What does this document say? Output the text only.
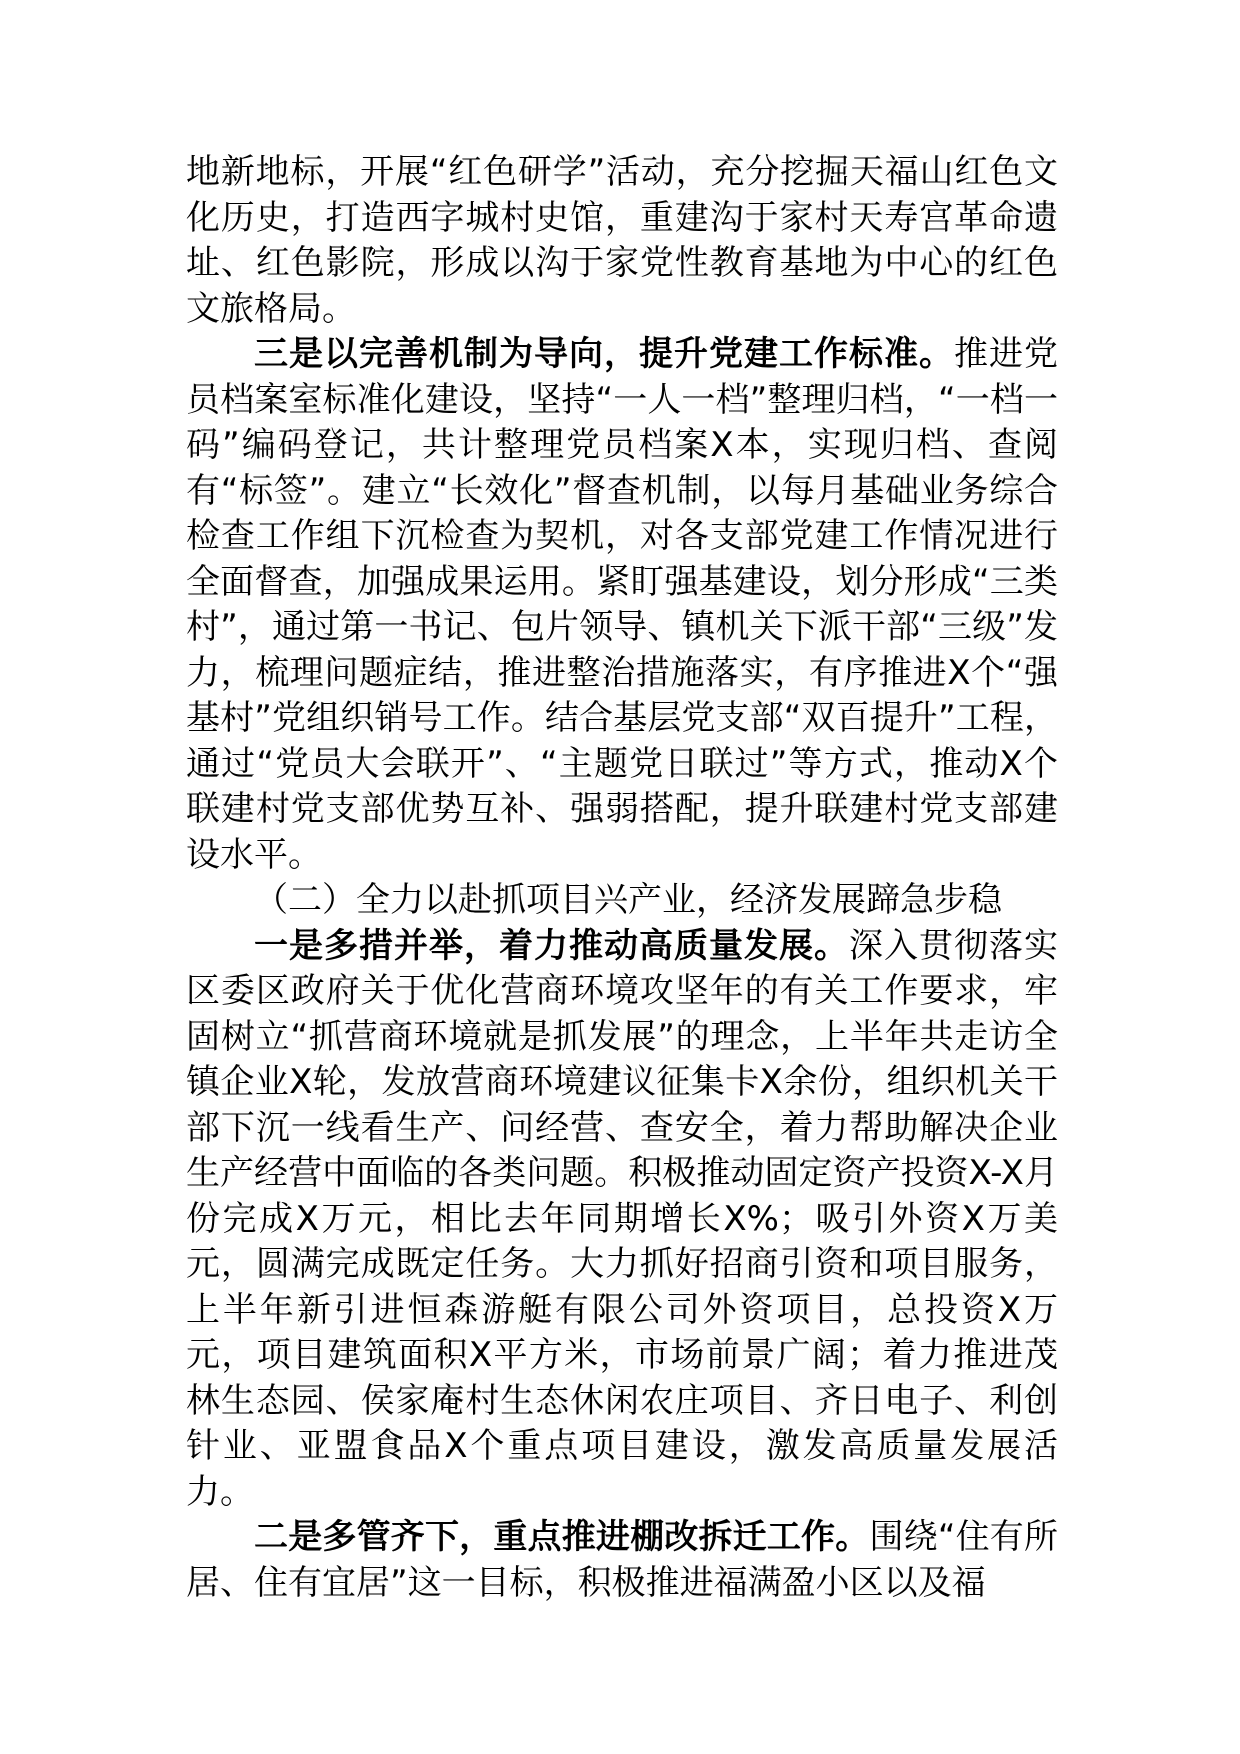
地新地标，开展“红色研学”活动，充分挖掘天福山红色文化历史，打造西字城村史馆，重建沟于家村天寿宫革命遗址、红色影院，形成以沟于家党性教育基地为中心的红色文旅格局。

三是以完善机制为导向，提升党建工作标准。推进党员档案室标准化建设，坚持“一人一档”整理归档，“一档一码”编码登记，共计整理党员档案X本，实现归档、查阅有“标签”。建立“长效化”督查机制，以每月基础业务综合检查工作组下沉检查为契机，对各支部党建工作情况进行全面督查，加强成果运用。紧盯强基建设，划分形成“三类村”，通过第一书记、包片领导、镇机关下派干部“三级”发力，梳理问题症结，推进整治措施落实，有序推进X个“强基村”党组织销号工作。结合基层党支部“双百提升”工程，通过“党员大会联开”、“主题党日联过”等方式，推动X个联建村党支部优势互补、强弱搭配，提升联建村党支部建设水平。

（二）全力以赴抓项目兴产业，经济发展蹄急步稳

一是多措并举，着力推动高质量发展。深入贯彻落实区委区政府关于优化营商环境攻坚年的有关工作要求，牢固树立“抓营商环境就是抓发展”的理念，上半年共走访全镇企业X轮，发放营商环境建议征集卡X余份，组织机关干部下沉一线看生产、问经营、查安全，着力帮助解决企业生产经营中面临的各类问题。积极推动固定资产投资X-X月份完成X万元，相比去年同期增长X%；吸引外资X万美元，圆满完成既定任务。大力抓好招商引资和项目服务，上半年新引进恒森游艇有限公司外资项目，总投资X万元，项目建筑面积X平方米，市场前景广阔；着力推进茂林生态园、侯家庵村生态休闲农庄项目、齐日电子、利创针业、亚盟食品X个重点项目建设，激发高质量发展活力。

二是多管齐下，重点推进棚改拆迁工作。围绕“住有所居、住有宜居”这一目标，积极推进福满盈小区以及福
